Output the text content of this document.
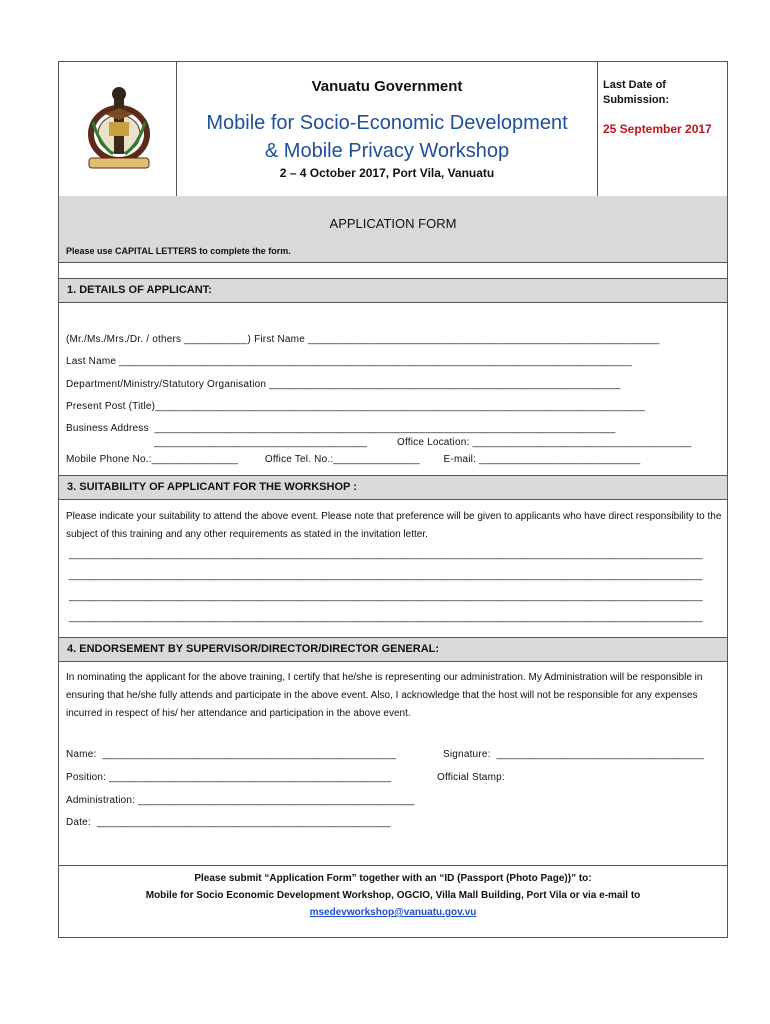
Vanuatu Government
Mobile for Socio-Economic Development
& Mobile Privacy Workshop
2 – 4 October 2017, Port Vila, Vanuatu
Last Date of
Submission:
25 September 2017
APPLICATION FORM
Please use CAPITAL LETTERS to complete the form.
1. DETAILS OF APPLICANT:
(Mr./Ms./Mrs./Dr. / others ___________) First Name _____________________________________________________________
Last Name _________________________________________________________________________________________
Department/Ministry/Statutory Organisation _____________________________________________________________
Present Post (Title)_____________________________________________________________________________________
Business Address  ________________________________________________________________________________
_____________________________________          Office Location: ______________________________________
Mobile Phone No.:_______________         Office Tel. No.:_______________        E-mail: ____________________________
3. SUITABILITY OF APPLICANT FOR THE WORKSHOP :
Please indicate your suitability to attend the above event. Please note that preference will be given to applicants who have direct responsibility to the subject of this training and any other requirements as stated in the invitation letter.
______________________________________________________________________________________________________________
______________________________________________________________________________________________________________
______________________________________________________________________________________________________________
______________________________________________________________________________________________________________
4. ENDORSEMENT BY SUPERVISOR/DIRECTOR/DIRECTOR GENERAL:
In nominating the applicant for the above training, I certify that he/she is representing our administration. My Administration will be responsible in ensuring that he/she fully attends and participate in the above event. Also, I acknowledge that the host will not be responsible for any expenses incurred in respect of his/ her attendance and participation in the above event.
Name:  ___________________________________________________	Signature:  ____________________________________
Position: _________________________________________________	Official Stamp:
Administration: ________________________________________________
Date:  ___________________________________________________
Please submit “Application Form” together with an “ID (Passport (Photo Page))” to:
Mobile for Socio Economic Development Workshop, OGCIO, Villa Mall Building, Port Vila or via e-mail to
msedevworkshop@vanuatu.gov.vu
